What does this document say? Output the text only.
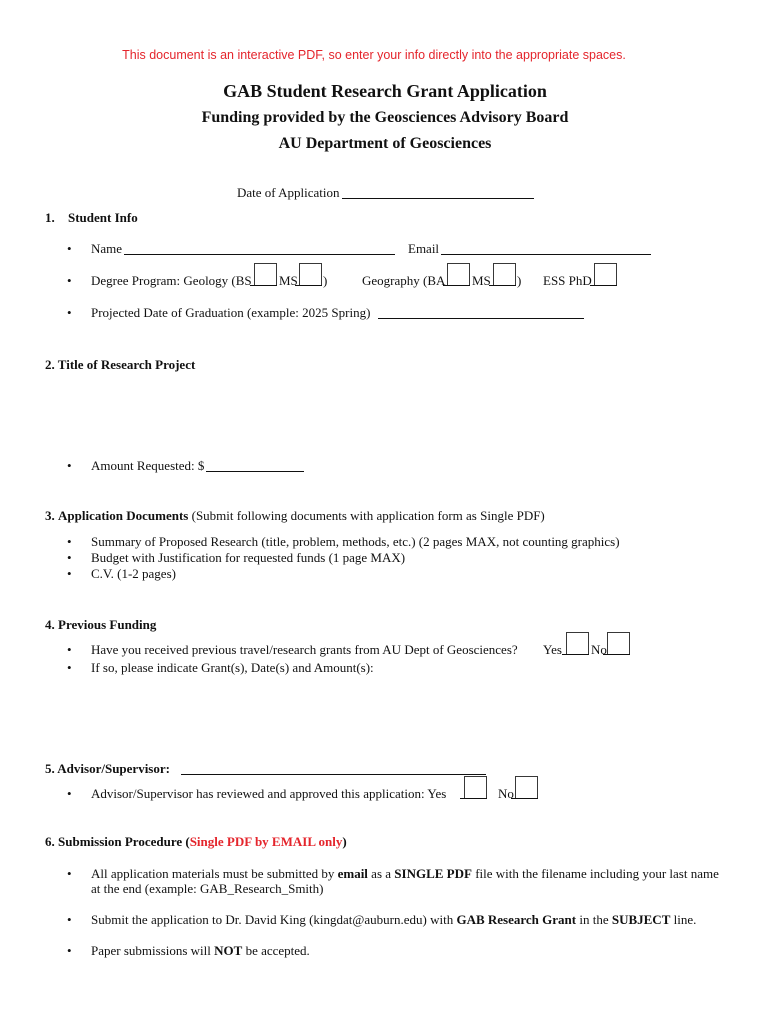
This document is an interactive PDF, so enter your info directly into the appropriate spaces.
GAB Student Research Grant Application
Funding provided by the Geosciences Advisory Board
AU Department of Geosciences
Date of Application
1. Student Info
• Name	Email
• Degree Program: Geology (BS MS )	Geography (BA MS ) ESS PhD
• Projected Date of Graduation (example: 2025 Spring)
2. Title of Research Project
• Amount Requested: $
3. Application Documents (Submit following documents with application form as Single PDF)
• Summary of Proposed Research (title, problem, methods, etc.) (2 pages MAX, not counting graphics)
• Budget with Justification for requested funds (1 page MAX)
• C.V. (1-2 pages)
4. Previous Funding
• Have you received previous travel/research grants from AU Dept of Geosciences? Yes No
• If so, please indicate Grant(s), Date(s) and Amount(s):
5. Advisor/Supervisor:
• Advisor/Supervisor has reviewed and approved this application: Yes	No
6. Submission Procedure (Single PDF by EMAIL only)
• All application materials must be submitted by email as a SINGLE PDF file with the filename including your last name
at the end (example: GAB_Research_Smith)
• Submit the application to Dr. David King (kingdat@auburn.edu) with GAB Research Grant in the SUBJECT line.
• Paper submissions will NOT be accepted.
